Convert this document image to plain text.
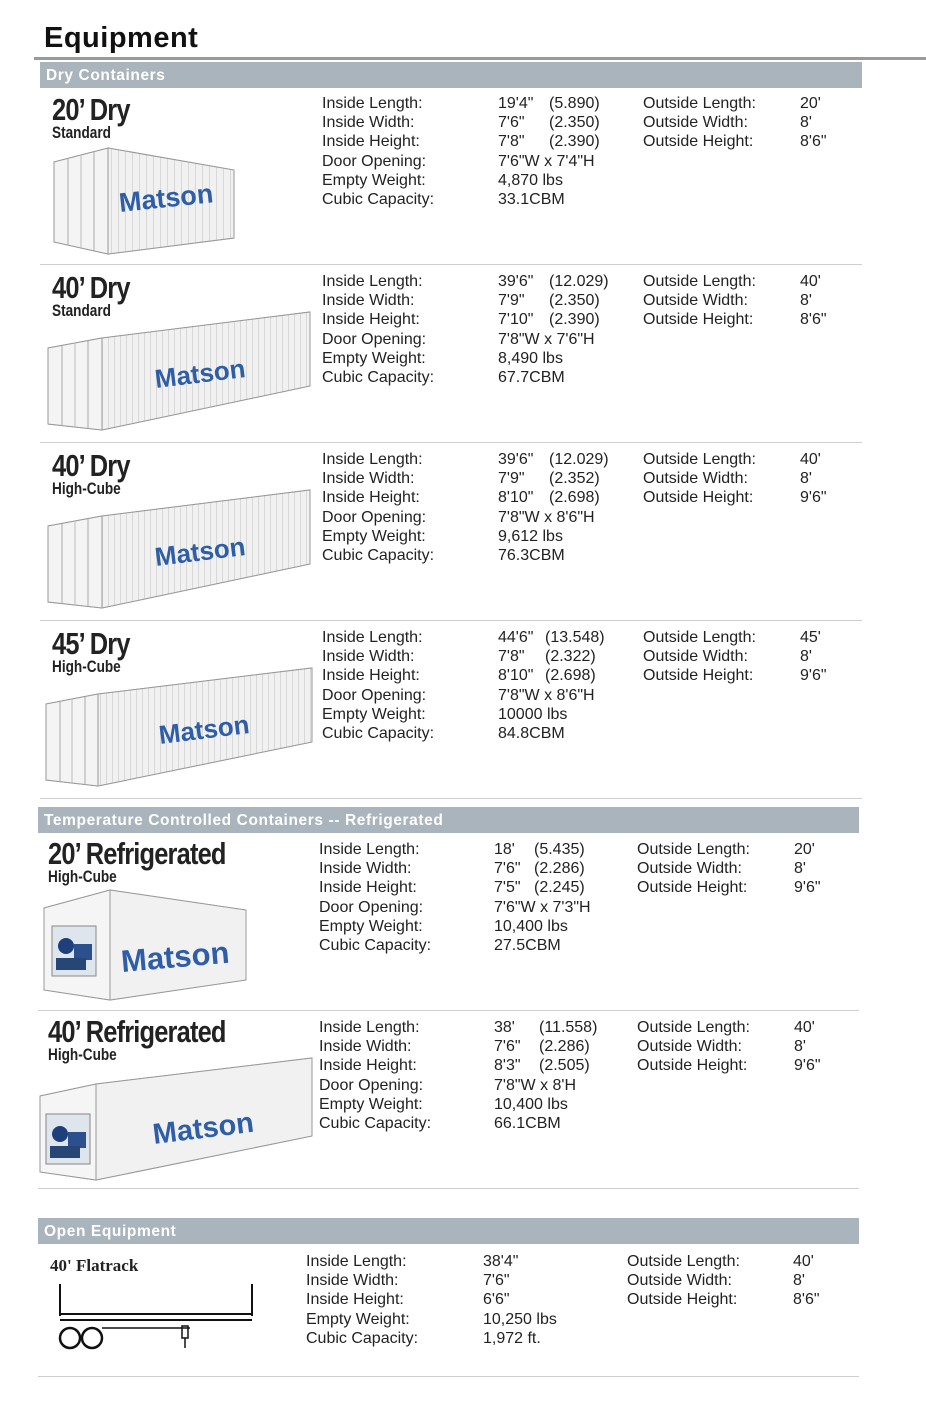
Equipment
Dry Containers
20’ Dry
Standard
Matson
Inside Length:
Inside Width:
Inside Height:
Door Opening:
Empty Weight:
Cubic Capacity:
19'4"
7'6"
7'8"
7'6"W x 7'4"H
4,870 lbs
33.1CBM
(5.890)
(2.350)
(2.390)
Outside Length:
Outside Width:
Outside Height:
20'
8'
8'6"
40’ Dry
Standard
Matson
Inside Length:
Inside Width:
Inside Height:
Door Opening:
Empty Weight:
Cubic Capacity:
39'6"
7'9"
7'10"
7'8"W x 7'6"H
8,490 lbs
67.7CBM
(12.029)
(2.350)
(2.390)
Outside Length:
Outside Width:
Outside Height:
40'
8'
8'6"
40’ Dry
High-Cube
Matson
Inside Length:
Inside Width:
Inside Height:
Door Opening:
Empty Weight:
Cubic Capacity:
39'6"
7'9"
8'10"
7'8"W x 8'6"H
9,612 lbs
76.3CBM
(12.029)
(2.352)
(2.698)
Outside Length:
Outside Width:
Outside Height:
40'
8'
9'6"
45’ Dry
High-Cube
Matson
Inside Length:
Inside Width:
Inside Height:
Door Opening:
Empty Weight:
Cubic Capacity:
44'6"
7'8"
8'10"
7'8"W x 8'6"H
10000 lbs
84.8CBM
(13.548)
(2.322)
(2.698)
Outside Length:
Outside Width:
Outside Height:
45'
8'
9'6"
Temperature Controlled Containers -- Refrigerated
20’ Refrigerated
High-Cube
Matson
Inside Length:
Inside Width:
Inside Height:
Door Opening:
Empty Weight:
Cubic Capacity:
18'
7'6"
7'5"
7'6"W x 7'3"H
10,400 lbs
27.5CBM
(5.435)
(2.286)
(2.245)
Outside Length:
Outside Width:
Outside Height:
20'
8'
9'6"
40’ Refrigerated
High-Cube
Matson
Inside Length:
Inside Width:
Inside Height:
Door Opening:
Empty Weight:
Cubic Capacity:
38'
7'6"
8'3"
7'8"W x 8'H
10,400 lbs
66.1CBM
(11.558)
(2.286)
(2.505)
Outside Length:
Outside Width:
Outside Height:
40'
8'
9'6"
Open Equipment
40' Flatrack	Inside Length:
Inside Width:
Inside Height:
Empty Weight:
Cubic Capacity:
38'4"
7'6"
6'6"
10,250 lbs
1,972 ft.
Outside Length:
Outside Width:
Outside Height:
40'
8'
8'6"
